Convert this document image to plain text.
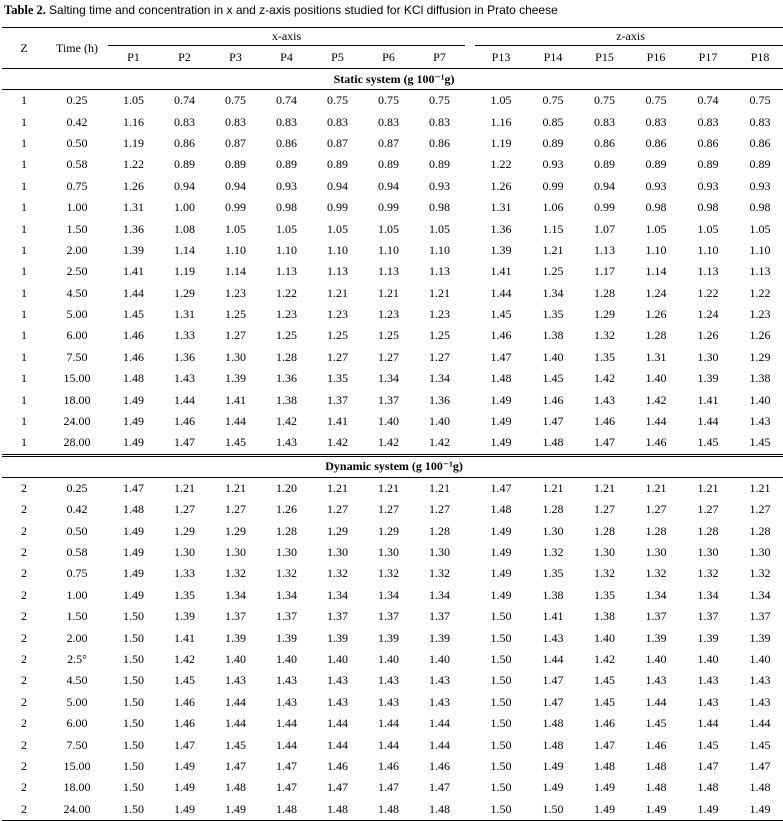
Table 2. Salting time and concentration in x and z-axis positions studied for KCl diffusion in Prato cheese
Z	Time (h)	x-axis								z-axis					
		P1	P2	P3	P4	P5	P6	P7		P13	P14	P15	P16	P17	P18
Static system (g 100⁻¹g)															
1	0.25	1.05	0.74	0.75	0.74	0.75	0.75	0.75		1.05	0.75	0.75	0.75	0.74	0.75
1	0.42	1.16	0.83	0.83	0.83	0.83	0.83	0.83		1.16	0.85	0.83	0.83	0.83	0.83
1	0.50	1.19	0.86	0.87	0.86	0.87	0.87	0.86		1.19	0.89	0.86	0.86	0.86	0.86
1	0.58	1.22	0.89	0.89	0.89	0.89	0.89	0.89		1.22	0.93	0.89	0.89	0.89	0.89
1	0.75	1.26	0.94	0.94	0.93	0.94	0.94	0.93		1.26	0.99	0.94	0.93	0.93	0.93
1	1.00	1.31	1.00	0.99	0.98	0.99	0.99	0.98		1.31	1.06	0.99	0.98	0.98	0.98
1	1.50	1.36	1.08	1.05	1.05	1.05	1.05	1.05		1.36	1.15	1.07	1.05	1.05	1.05
1	2.00	1.39	1.14	1.10	1.10	1.10	1.10	1.10		1.39	1.21	1.13	1.10	1.10	1.10
1	2.50	1.41	1.19	1.14	1.13	1.13	1.13	1.13		1.41	1.25	1.17	1.14	1.13	1.13
1	4.50	1.44	1.29	1.23	1.22	1.21	1.21	1.21		1.44	1.34	1.28	1.24	1.22	1.22
1	5.00	1.45	1.31	1.25	1.23	1.23	1.23	1.23		1.45	1.35	1.29	1.26	1.24	1.23
1	6.00	1.46	1.33	1.27	1.25	1.25	1.25	1.25		1.46	1.38	1.32	1.28	1.26	1.26
1	7.50	1.46	1.36	1.30	1.28	1.27	1.27	1.27		1.47	1.40	1.35	1.31	1.30	1.29
1	15.00	1.48	1.43	1.39	1.36	1.35	1.34	1.34		1.48	1.45	1.42	1.40	1.39	1.38
1	18.00	1.49	1.44	1.41	1.38	1.37	1.37	1.36		1.49	1.46	1.43	1.42	1.41	1.40
1	24.00	1.49	1.46	1.44	1.42	1.41	1.40	1.40		1.49	1.47	1.46	1.44	1.44	1.43
1	28.00	1.49	1.47	1.45	1.43	1.42	1.42	1.42		1.49	1.48	1.47	1.46	1.45	1.45
Dynamic system (g 100⁻¹g)															
2	0.25	1.47	1.21	1.21	1.20	1.21	1.21	1.21		1.47	1.21	1.21	1.21	1.21	1.21
2	0.42	1.48	1.27	1.27	1.26	1.27	1.27	1.27		1.48	1.28	1.27	1.27	1.27	1.27
2	0.50	1.49	1.29	1.29	1.28	1.29	1.29	1.28		1.49	1.30	1.28	1.28	1.28	1.28
2	0.58	1.49	1.30	1.30	1.30	1.30	1.30	1.30		1.49	1.32	1.30	1.30	1.30	1.30
2	0.75	1.49	1.33	1.32	1.32	1.32	1.32	1.32		1.49	1.35	1.32	1.32	1.32	1.32
2	1.00	1.49	1.35	1.34	1.34	1.34	1.34	1.34		1.49	1.38	1.35	1.34	1.34	1.34
2	1.50	1.50	1.39	1.37	1.37	1.37	1.37	1.37		1.50	1.41	1.38	1.37	1.37	1.37
2	2.00	1.50	1.41	1.39	1.39	1.39	1.39	1.39		1.50	1.43	1.40	1.39	1.39	1.39
2	2.5°	1.50	1.42	1.40	1.40	1.40	1.40	1.40		1.50	1.44	1.42	1.40	1.40	1.40
2	4.50	1.50	1.45	1.43	1.43	1.43	1.43	1.43		1.50	1.47	1.45	1.43	1.43	1.43
2	5.00	1.50	1.46	1.44	1.43	1.43	1.43	1.43		1.50	1.47	1.45	1.44	1.43	1.43
2	6.00	1.50	1.46	1.44	1.44	1.44	1.44	1.44		1.50	1.48	1.46	1.45	1.44	1.44
2	7.50	1.50	1.47	1.45	1.44	1.44	1.44	1.44		1.50	1.48	1.47	1.46	1.45	1.45
2	15.00	1.50	1.49	1.47	1.47	1.46	1.46	1.46		1.50	1.49	1.48	1.48	1.47	1.47
2	18.00	1.50	1.49	1.48	1.47	1.47	1.47	1.47		1.50	1.49	1.49	1.48	1.48	1.48
2	24.00	1.50	1.49	1.49	1.48	1.48	1.48	1.48		1.50	1.50	1.49	1.49	1.49	1.49
